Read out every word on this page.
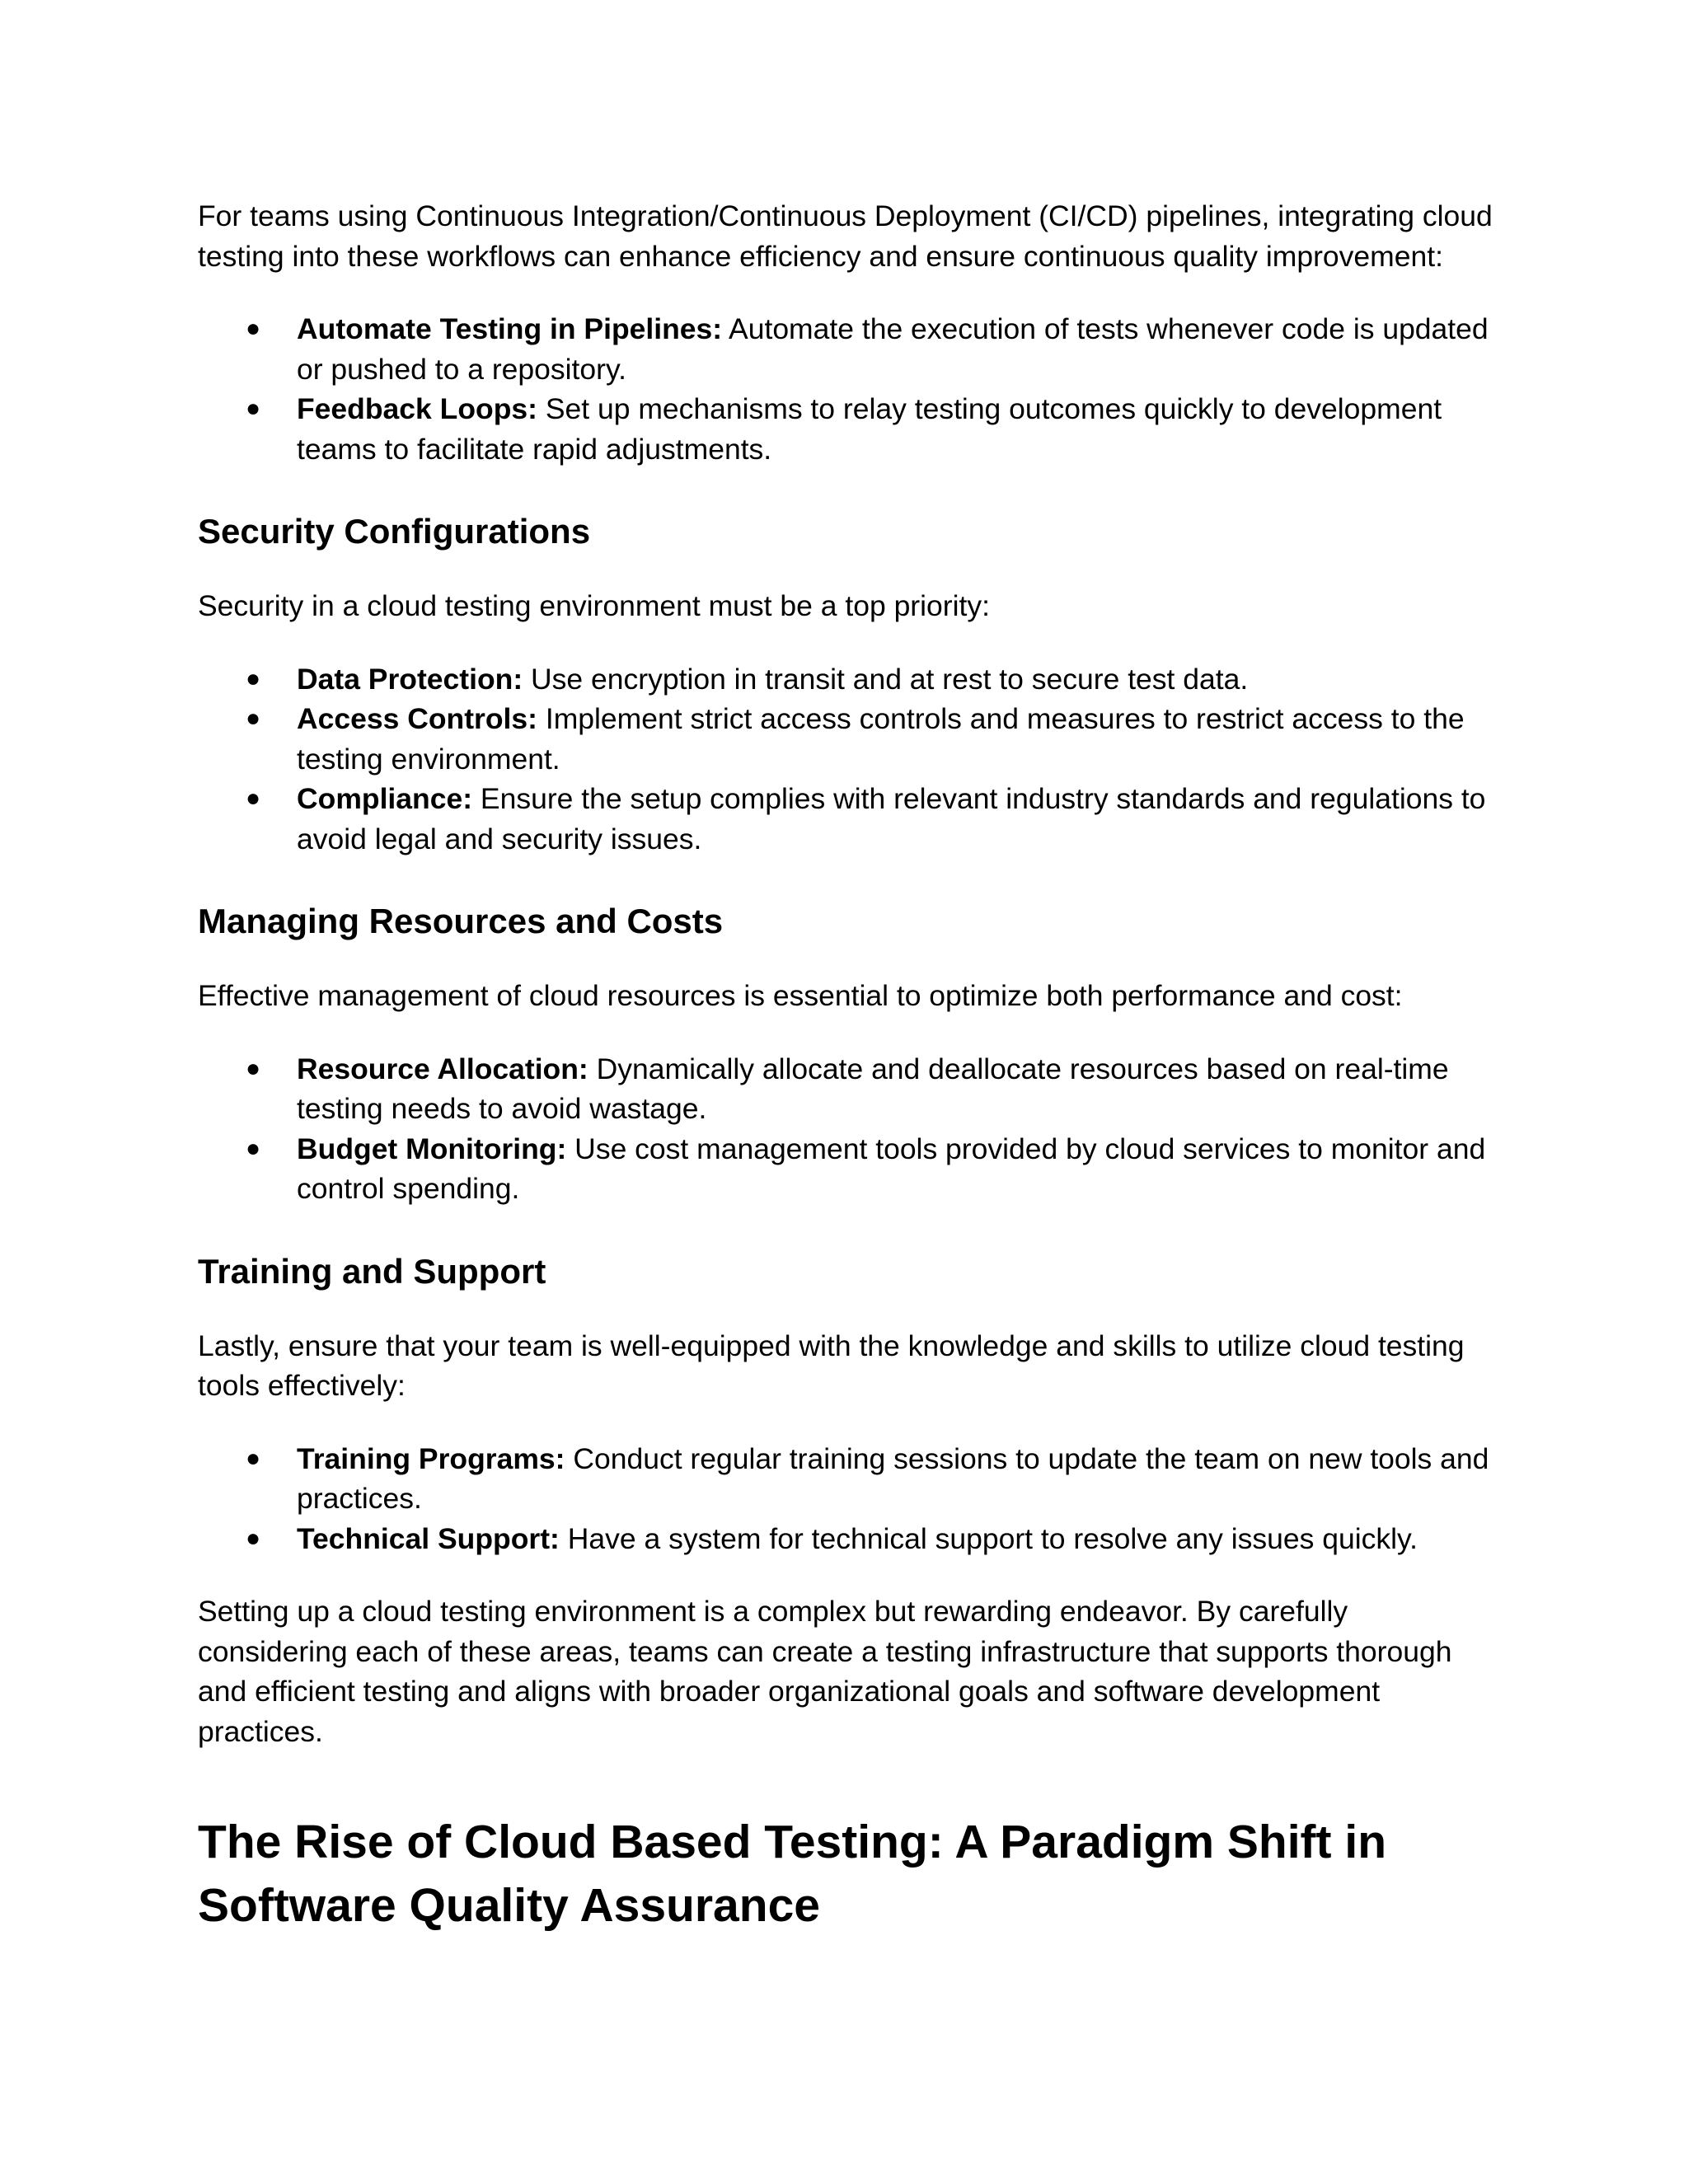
For teams using Continuous Integration/Continuous Deployment (CI/CD) pipelines, integrating cloud testing into these workflows can enhance efficiency and ensure continuous quality improvement:

● Automate Testing in Pipelines: Automate the execution of tests whenever code is updated or pushed to a repository.
● Feedback Loops: Set up mechanisms to relay testing outcomes quickly to development teams to facilitate rapid adjustments.
Security Configurations

Security in a cloud testing environment must be a top priority:

● Data Protection: Use encryption in transit and at rest to secure test data.
● Access Controls: Implement strict access controls and measures to restrict access to the testing environment.
● Compliance: Ensure the setup complies with relevant industry standards and regulations to avoid legal and security issues.
Managing Resources and Costs

Effective management of cloud resources is essential to optimize both performance and cost:

● Resource Allocation: Dynamically allocate and deallocate resources based on real-time testing needs to avoid wastage.
● Budget Monitoring: Use cost management tools provided by cloud services to monitor and control spending.
Training and Support

Lastly, ensure that your team is well-equipped with the knowledge and skills to utilize cloud testing tools effectively:

● Training Programs: Conduct regular training sessions to update the team on new tools and practices.
● Technical Support: Have a system for technical support to resolve any issues quickly.

Setting up a cloud testing environment is a complex but rewarding endeavor. By carefully considering each of these areas, teams can create a testing infrastructure that supports thorough and efficient testing and aligns with broader organizational goals and software development practices.

The Rise of Cloud Based Testing: A Paradigm Shift in Software Quality Assurance
